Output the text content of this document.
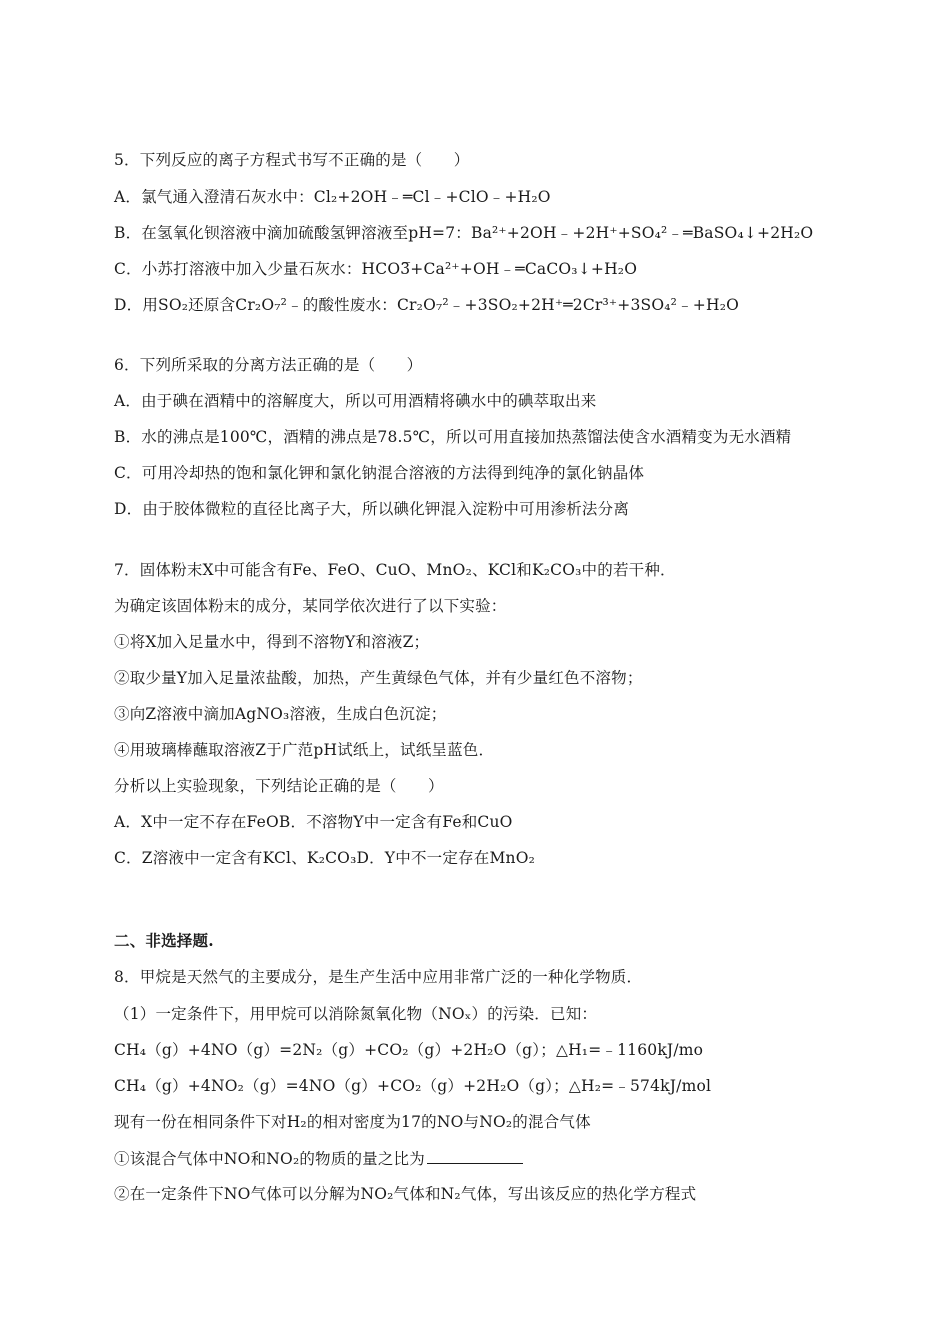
5．下列反应的离子方程式书写不正确的是（　　）
A．氯气通入澄清石灰水中：Cl₂+2OH﹣═Cl﹣+ClO﹣+H₂O
B．在氢氧化钡溶液中滴加硫酸氢钾溶液至pH=7：Ba²⁺+2OH﹣+2H⁺+SO₄²﹣═BaSO₄↓+2H₂O
C．小苏打溶液中加入少量石灰水：HCO3̅+Ca²⁺+OH﹣═CaCO₃↓+H₂O
D．用SO₂还原含Cr₂O₇²﹣的酸性废水：Cr₂O₇²﹣+3SO₂+2H⁺═2Cr³⁺+3SO₄²﹣+H₂O
6．下列所采取的分离方法正确的是（　　）
A．由于碘在酒精中的溶解度大，所以可用酒精将碘水中的碘萃取出来
B．水的沸点是100℃，酒精的沸点是78.5℃，所以可用直接加热蒸馏法使含水酒精变为无水酒精
C．可用冷却热的饱和氯化钾和氯化钠混合溶液的方法得到纯净的氯化钠晶体
D．由于胶体微粒的直径比离子大，所以碘化钾混入淀粉中可用渗析法分离
7．固体粉末X中可能含有Fe、FeO、CuO、MnO₂、KCl和K₂CO₃中的若干种．
为确定该固体粉末的成分，某同学依次进行了以下实验：
①将X加入足量水中，得到不溶物Y和溶液Z；
②取少量Y加入足量浓盐酸，加热，产生黄绿色气体，并有少量红色不溶物；
③向Z溶液中滴加AgNO₃溶液，生成白色沉淀；
④用玻璃棒蘸取溶液Z于广范pH试纸上，试纸呈蓝色．
分析以上实验现象，下列结论正确的是（　　）
A．X中一定不存在FeOB．不溶物Y中一定含有Fe和CuO
C．Z溶液中一定含有KCl、K₂CO₃D．Y中不一定存在MnO₂
二、非选择题.
8．甲烷是天然气的主要成分，是生产生活中应用非常广泛的一种化学物质．
（1）一定条件下，用甲烷可以消除氮氧化物（NOₓ）的污染．已知：
CH₄（g）+4NO（g）=2N₂（g）+CO₂（g）+2H₂O（g）；△H₁=﹣1160kJ/mo
CH₄（g）+4NO₂（g）=4NO（g）+CO₂（g）+2H₂O（g）；△H₂=﹣574kJ/mol
现有一份在相同条件下对H₂的相对密度为17的NO与NO₂的混合气体
①该混合气体中NO和NO₂的物质的量之比为
②在一定条件下NO气体可以分解为NO₂气体和N₂气体，写出该反应的热化学方程式
